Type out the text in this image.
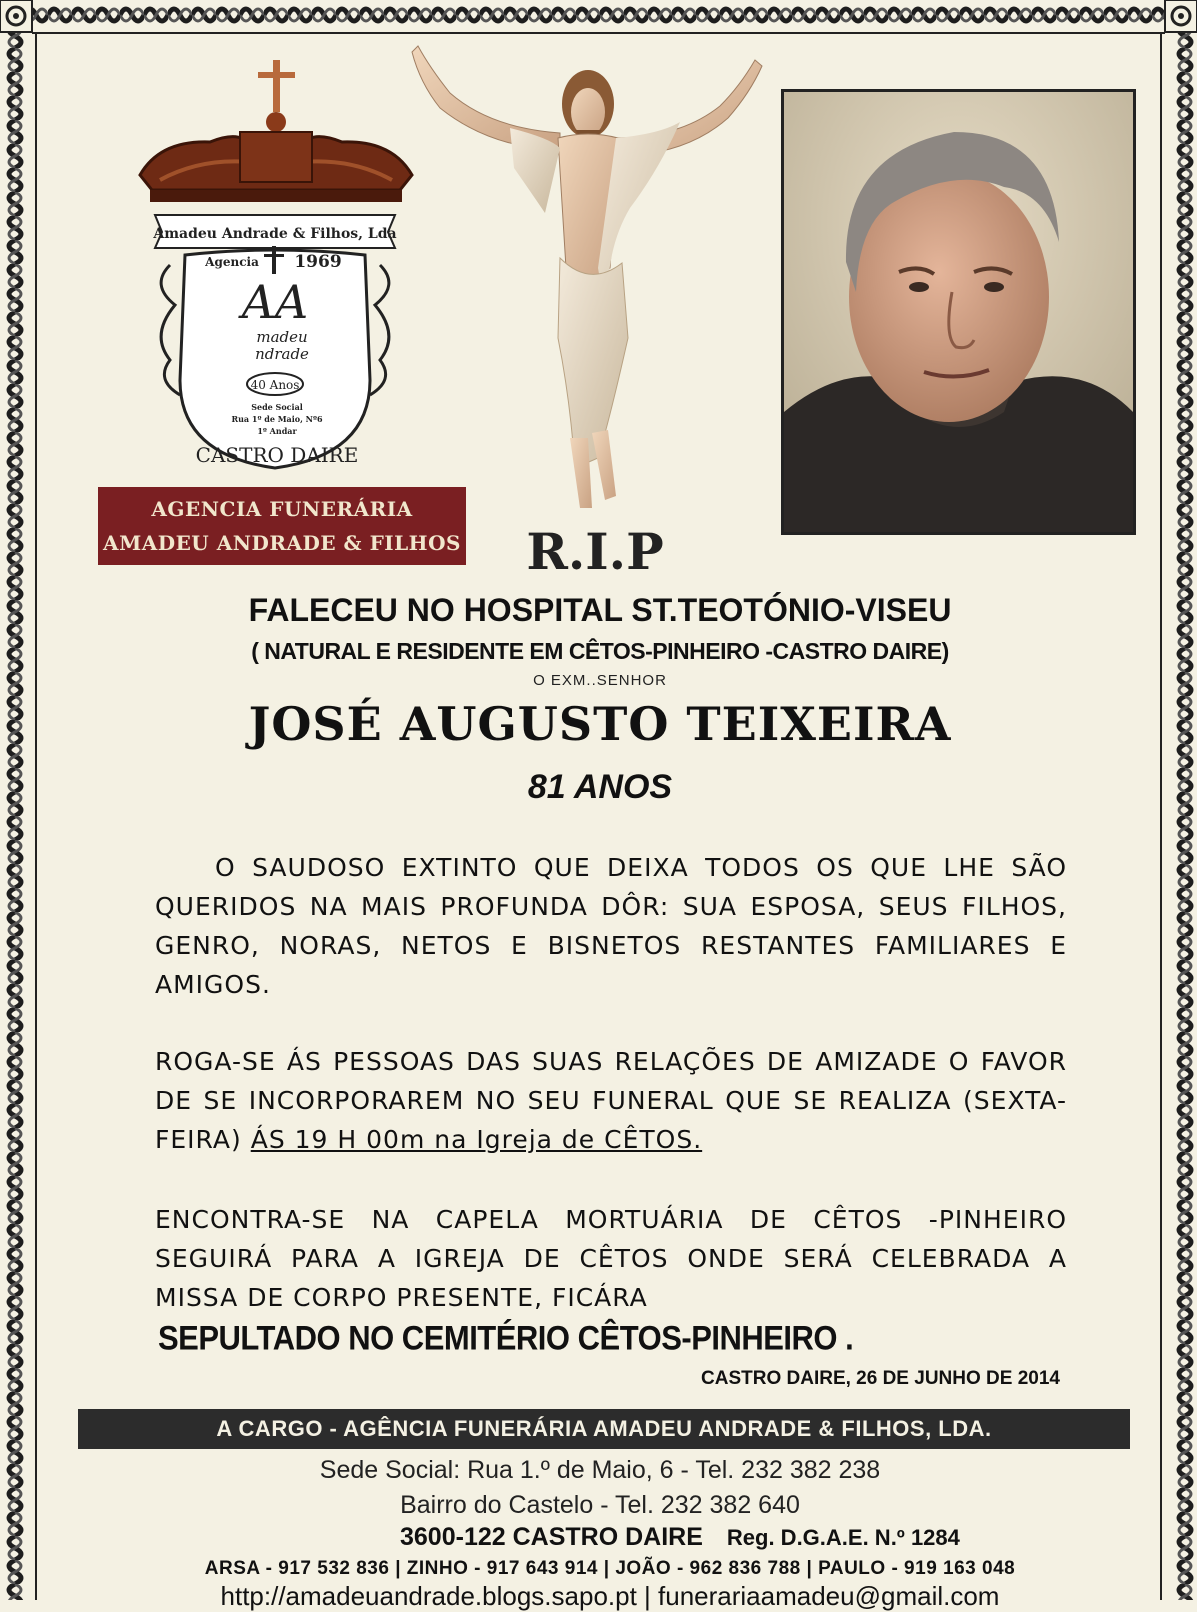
Amadeu Andrade & Filhos, Lda
Agencia 1969
AA
madeu
ndrade
40 Anos
Sede Social
Rua 1º de Maio, Nº6
1º Andar
CASTRO DAIRE
AGENCIA FUNERÁRIA
AMADEU ANDRADE & FILHOS R.I.P
FALECEU NO HOSPITAL ST.TEOTÓNIO-VISEU
( NATURAL E RESIDENTE EM CÊTOS-PINHEIRO -CASTRO DAIRE)
O EXM..SENHOR
JOSÉ AUGUSTO TEIXEIRA
81 ANOS
O SAUDOSO EXTINTO QUE DEIXA TODOS OS QUE LHE SÃO QUERIDOS NA MAIS PROFUNDA DÔR: SUA ESPOSA, SEUS FILHOS, GENRO, NORAS, NETOS E BISNETOS RESTANTES FAMILIARES E AMIGOS.
ROGA-SE ÁS PESSOAS DAS SUAS RELAÇÕES DE AMIZADE O FAVOR DE SE INCORPORAREM NO SEU FUNERAL QUE SE REALIZA (SEXTA-FEIRA) ÁS 19 H 00m na Igreja de CÊTOS.
ENCONTRA-SE NA CAPELA MORTUÁRIA DE CÊTOS -PINHEIRO SEGUIRÁ PARA A IGREJA DE CÊTOS ONDE SERÁ CELEBRADA A MISSA DE CORPO PRESENTE, FICÁRA
SEPULTADO NO CEMITÉRIO CÊTOS-PINHEIRO .
CASTRO DAIRE, 26 DE JUNHO DE 2014
A CARGO - AGÊNCIA FUNERÁRIA AMADEU ANDRADE & FILHOS, LDA.
Sede Social: Rua 1.º de Maio, 6 - Tel. 232 382 238
Bairro do Castelo - Tel. 232 382 640
3600-122 CASTRO DAIRE Reg. D.G.A.E. N.º 1284
ARSA - 917 532 836 | ZINHO - 917 643 914 | JOÃO - 962 836 788 | PAULO - 919 163 048
http://amadeuandrade.blogs.sapo.pt | funerariaamadeu@gmail.com
